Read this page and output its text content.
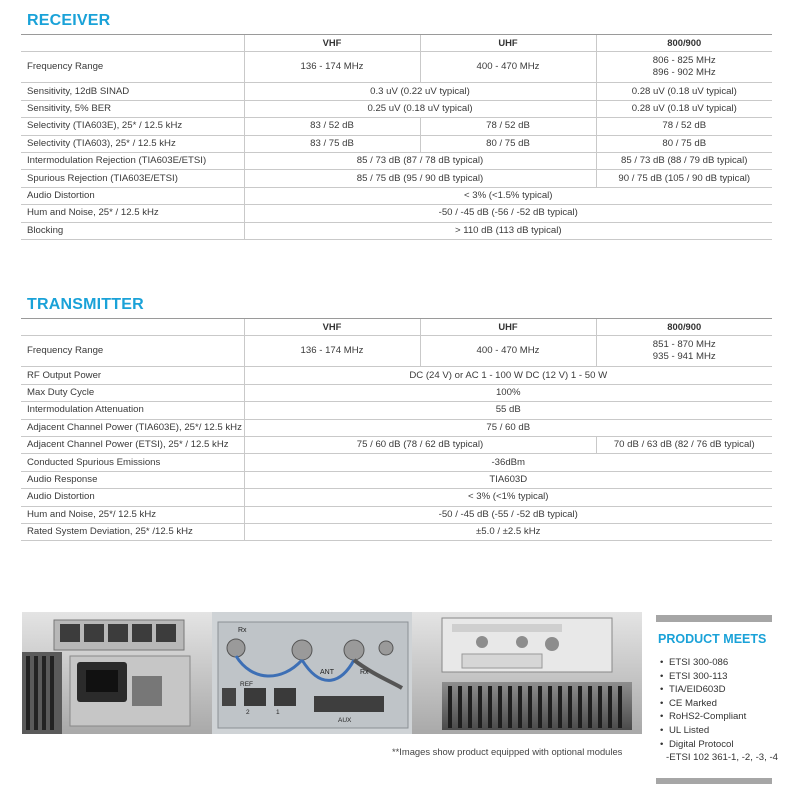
RECEIVER
	VHF	UHF	800/900
Frequency Range	136 - 174 MHz	400 - 470 MHz	806 - 825 MHz
896 - 902 MHz

Sensitivity, 12dB SINAD	0.3 uV (0.22 uV typical)		0.28 uV (0.18 uV typical)
Sensitivity, 5% BER	0.25 uV (0.18 uV typical)		0.28 uV (0.18 uV typical)
Selectivity (TIA603E), 25* / 12.5 kHz	83 / 52 dB	78 / 52 dB	78 / 52 dB
Selectivity (TIA603), 25* / 12.5 kHz	83 / 75 dB	80 / 75 dB	80 / 75 dB
Intermodulation Rejection (TIA603E/ETSI)	85 / 73 dB (87 / 78 dB typical)		85 / 73 dB (88 / 79 dB typical)
Spurious Rejection (TIA603E/ETSI)	85 / 75 dB (95 / 90 dB typical)		90 / 75 dB (105 / 90 dB typical)
Audio Distortion	< 3% (<1.5% typical)		
Hum and Noise, 25* / 12.5 kHz	-50 / -45 dB (-56 / -52 dB typical)		
Blocking	> 110 dB (113 dB typical)		
TRANSMITTER
	VHF	UHF	800/900
Frequency Range	136 - 174 MHz	400 - 470 MHz	851 - 870 MHz
935 - 941 MHz

RF Output Power	DC (24 V) or AC 1 - 100 W DC (12 V) 1 - 50 W		
Max Duty Cycle	100%		
Intermodulation Attenuation	55 dB		
Adjacent Channel Power (TIA603E), 25*/ 12.5 kHz	75 / 60 dB		
Adjacent Channel Power (ETSI), 25* / 12.5 kHz	75 / 60 dB (78 / 62 dB typical)		70 dB / 63 dB (82 / 76 dB typical)
Conducted Spurious Emissions	-36dBm		
Audio Response	TIA603D		
Audio Distortion	< 3% (<1% typical)		
Hum and Noise, 25*/ 12.5 kHz	-50 / -45 dB (-55 / -52 dB typical)		
Rated System Deviation, 25* /12.5 kHz	±5.0 / ±2.5 kHz		
Rx
ANT	Rx
REF
2	1
AUX
**Images show product equipped with optional modules
PRODUCT MEETS
• ETSI 300-086
• ETSI 300-113
• TIA/EID603D
• CE Marked
• RoHS2-Compliant
• UL Listed
• Digital Protocol
-ETSI 102 361-1, -2, -3, -4
